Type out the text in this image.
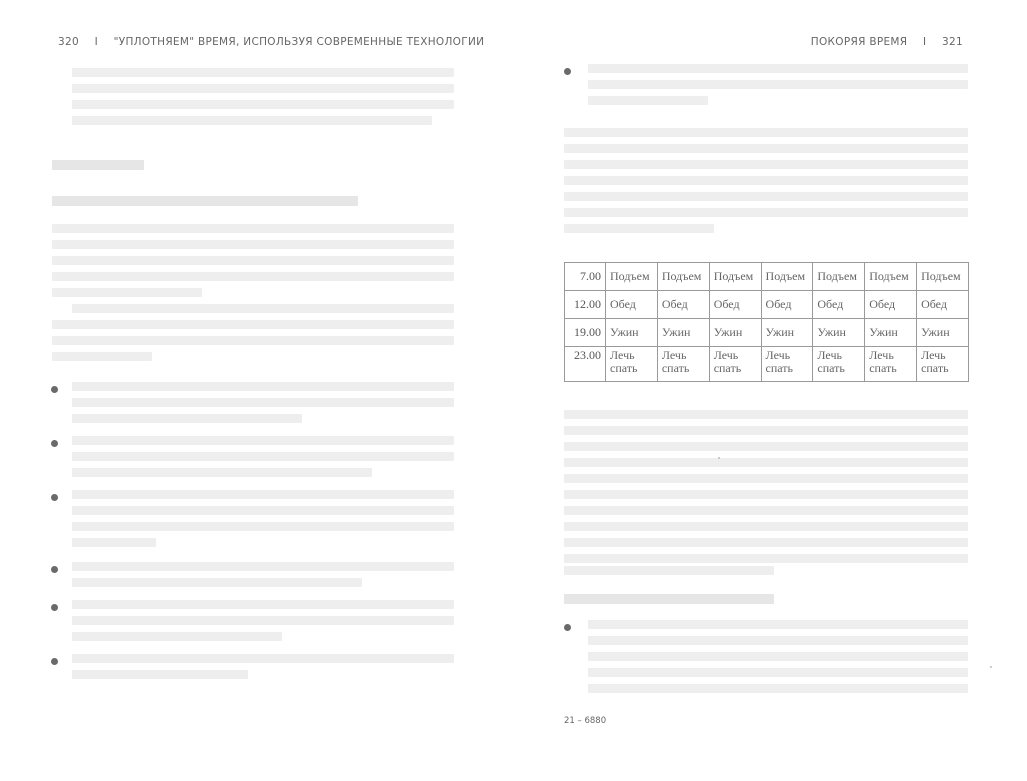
320 I "УПЛОТНЯЕМ" ВРЕМЯ, ИСПОЛЬЗУЯ СОВРЕМЕННЫЕ ТЕХНОЛОГИИ	ПОКОРЯЯ ВРЕМЯ I 321
7.00	Подъем	Подъем	Подъем	Подъем	Подъем	Подъем	Подъем
12.00	Обед	Обед	Обед	Обед	Обед	Обед	Обед
19.00	Ужин	Ужин	Ужин	Ужин	Ужин	Ужин	Ужин
23.00	Лечь спать	Лечь спать	Лечь спать	Лечь спать	Лечь спать	Лечь спать	Лечь спать
21 – 6880
